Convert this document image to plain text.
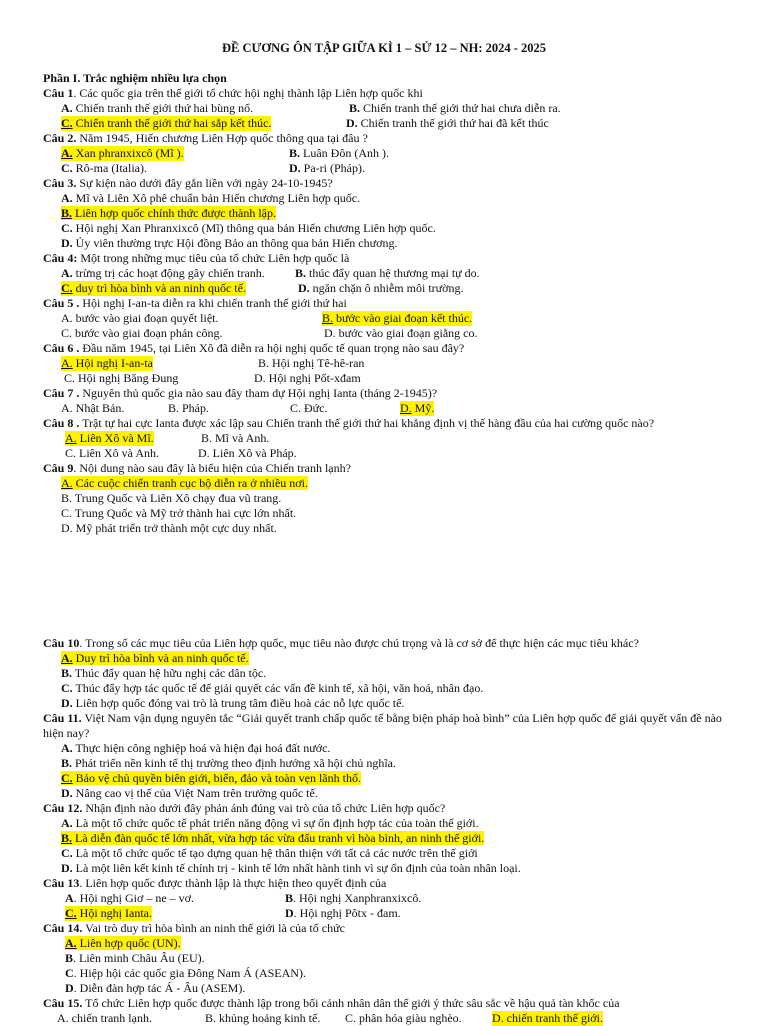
ĐỀ CƯƠNG ÔN TẬP GIỮA KÌ 1 – SỬ 12 – NH: 2024 - 2025
Phần I. Trắc nghiệm nhiều lựa chọn
Câu 1. Các quốc gia trên thế giới tổ chức hội nghị thành lập Liên hợp quốc khi
A. Chiến tranh thế giới thứ hai bùng nổ.	B. Chiến tranh thế giới thứ hai chưa diễn ra.
C. Chiến tranh thế giới thứ hai sắp kết thúc.	D. Chiến tranh thế giới thứ hai đã kết thúc
Câu 2. Năm 1945, Hiến chương Liên Hợp quốc thông qua tại đâu ?
A. Xan phranxixcô (Mĩ ).	B. Luân Đôn (Anh ).
C. Rô-ma (Italia).	D. Pa-ri (Pháp).
Câu 3. Sự kiện nào dưới đây gắn liền với ngày 24-10-1945?
A. Mĩ và Liên Xô phê chuẩn bản Hiến chương Liên hợp quốc.
B. Liên hợp quốc chính thức được thành lập.
C. Hội nghị Xan Phranxixcô (Mĩ) thông qua bản Hiến chương Liên hợp quốc.
D. Ủy viên thường trực Hội đồng Bảo an thông qua bản Hiến chương.
Câu 4: Một trong những mục tiêu của tổ chức Liên hợp quốc là
A. trừng trị các hoạt động gây chiến tranh.	B. thúc đẩy quan hệ thương mại tự do.
C. duy trì hòa bình và an ninh quốc tế.	D. ngăn chặn ô nhiễm môi trường.
Câu 5 . Hội nghị I-an-ta diễn ra khi chiến tranh thế giới thứ hai
A. bước vào giai đoạn quyết liệt.	B. bước vào giai đoạn kết thúc.
C. bước vào giai đoạn phản công.	D. bước vào giai đoạn giằng co.
Câu 6 . Đầu năm 1945, tại Liên Xô đã diễn ra hội nghị quốc tế quan trọng nào sau đây?
A. Hội nghị I-an-ta	B. Hội nghị Tê-hê-ran
C. Hội nghị Băng Đung	D. Hội nghị Pốt-xđam
Câu 7 . Nguyên thủ quốc gia nào sau đây tham dự Hội nghị Ianta (tháng 2-1945)?
A. Nhật Bản.	B. Pháp.	C. Đức.	D. Mỹ.
Câu 8 . Trật tự hai cực Ianta được xác lập sau Chiến tranh thế giới thứ hai khẳng định vị thế hàng đầu của hai cường quốc nào?
A. Liên Xô và Mĩ.	B. Mĩ và Anh.
C. Liên Xô và Anh.	D. Liên Xô và Pháp.
Câu 9. Nội dung nào sau đây là biểu hiện của Chiến tranh lạnh?
A. Các cuộc chiến tranh cục bộ diễn ra ở nhiều nơi.
B. Trung Quốc và Liên Xô chạy đua vũ trang.
C. Trung Quốc và Mỹ trở thành hai cực lớn nhất.
D. Mỹ phát triển trở thành một cực duy nhất.
Câu 10. Trong số các mục tiêu của Liên hợp quốc, mục tiêu nào được chú trọng và là cơ sở để thực hiện các mục tiêu khác?
A. Duy trì hòa bình và an ninh quốc tế.
B. Thúc đẩy quan hệ hữu nghị các dân tộc.
C. Thúc đẩy hợp tác quốc tế để giải quyết các vấn đề kinh tế, xã hội, văn hoá, nhân đạo.
D. Liên hợp quốc đóng vai trò là trung tâm điều hoà các nỗ lực quốc tế.
Câu 11. Việt Nam vận dụng nguyên tắc “Giải quyết tranh chấp quốc tế bằng biện pháp hoà bình” của Liên hợp quốc để giải quyết vấn đề nào hiện nay?
A. Thực hiện công nghiệp hoá và hiện đại hoá đất nước.
B. Phát triển nền kinh tế thị trường theo định hướng xã hội chủ nghĩa.
C. Bảo vệ chủ quyền biên giới, biển, đảo và toàn vẹn lãnh thổ.
D. Nâng cao vị thế của Việt Nam trên trường quốc tế.
Câu 12. Nhận định nào dưới đây phản ánh đúng vai trò của tổ chức Liên hợp quốc?
A. Là một tổ chức quốc tế phát triển năng động vì sự ổn định hợp tác của toàn thế giới.
B. Là diễn đàn quốc tế lớn nhất, vừa hợp tác vừa đấu tranh vì hòa bình, an ninh thế giới.
C. Là một tổ chức quốc tế tạo dựng quan hệ thân thiện với tất cả các nước trên thế giới
D. Là một liên kết kinh tế chính trị - kinh tế lớn nhất hành tinh vì sự ổn định của toàn nhân loại.
Câu 13. Liên hợp quốc được thành lập là thực hiện theo quyết định của
A. Hội nghị Giơ – ne – vơ.	B. Hội nghị Xanphranxixcô.
C. Hội nghị Ianta.	D. Hội nghị Pôtx - đam.
Câu 14. Vai trò duy trì hòa bình an ninh thế giới là của tổ chức
A. Liên hợp quốc (UN).
B. Liên minh Châu Âu (EU).
C. Hiệp hội các quốc gia Đông Nam Á (ASEAN).
D. Diễn đàn hợp tác Á - Âu (ASEM).
Câu 15. Tổ chức Liên hợp quốc được thành lập trong bối cảnh nhân dân thế giới ý thức sâu sắc về hậu quả tàn khốc của
A. chiến tranh lạnh.	B. khủng hoảng kinh tế. C. phân hóa giàu nghèo.	D. chiến tranh thế giới.
